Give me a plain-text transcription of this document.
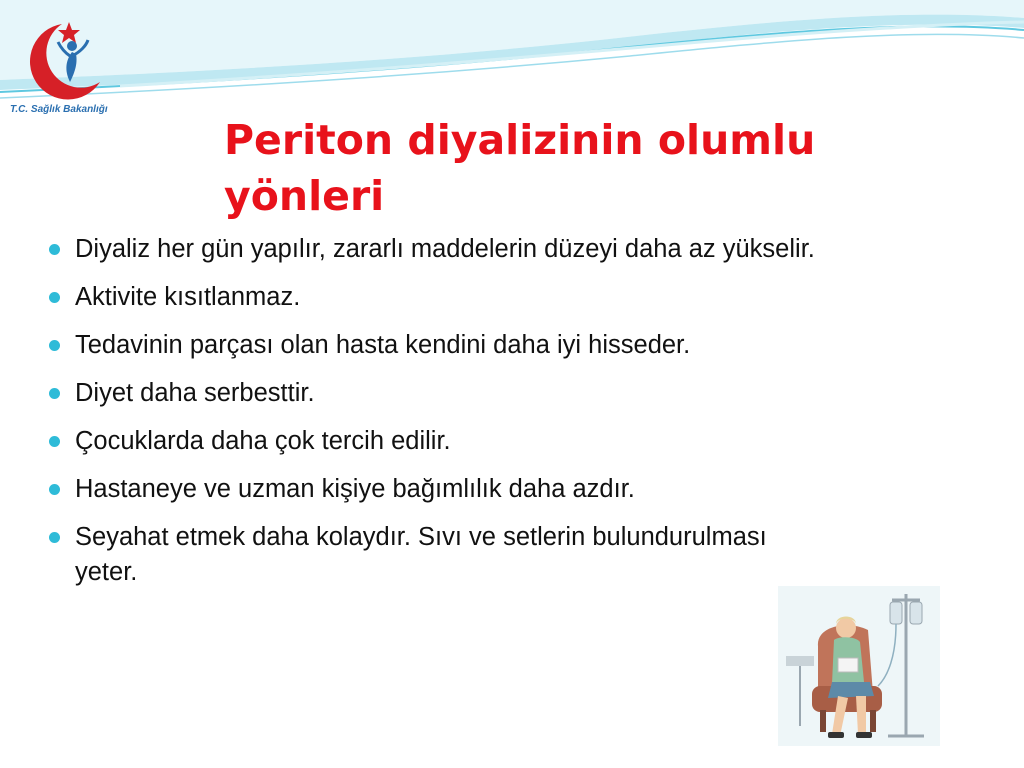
T.C. Sağlık Bakanlığı
Periton diyalizinin olumlu yönleri
Diyaliz her gün yapılır, zararlı maddelerin düzeyi daha az yükselir.
Aktivite kısıtlanmaz.
Tedavinin parçası olan hasta kendini daha iyi hisseder.
Diyet daha serbesttir.
Çocuklarda daha çok tercih edilir.
Hastaneye ve uzman kişiye bağımlılık daha azdır.
Seyahat etmek daha kolaydır. Sıvı ve setlerin bulundurulması yeter.
